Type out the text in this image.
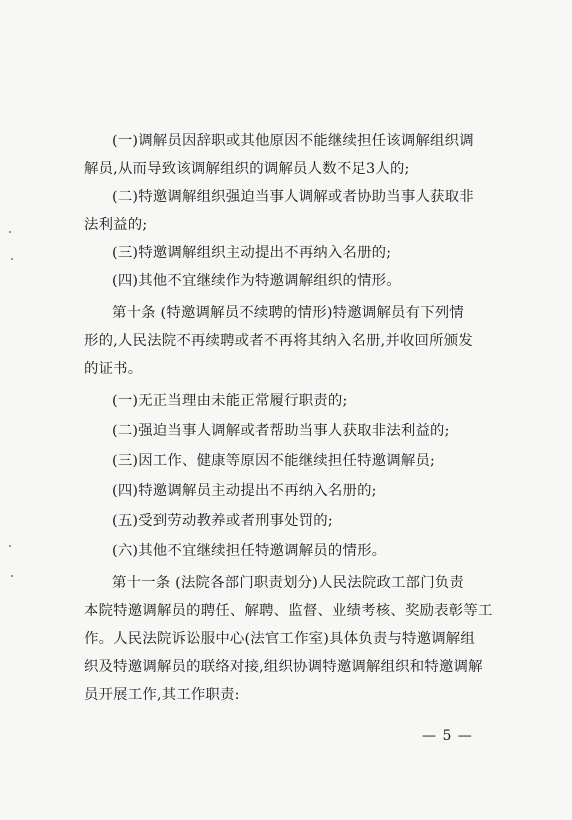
(一)调解员因辞职或其他原因不能继续担任该调解组织调
解员,从而导致该调解组织的调解员人数不足3人的;
(二)特邀调解组织强迫当事人调解或者协助当事人获取非
法利益的;
(三)特邀调解组织主动提出不再纳入名册的;
(四)其他不宜继续作为特邀调解组织的情形。
第十条 (特邀调解员不续聘的情形)特邀调解员有下列情
形的,人民法院不再续聘或者不再将其纳入名册,并收回所颁发
的证书。
(一)无正当理由未能正常履行职责的;
(二)强迫当事人调解或者帮助当事人获取非法利益的;
(三)因工作、健康等原因不能继续担任特邀调解员;
(四)特邀调解员主动提出不再纳入名册的;
(五)受到劳动教养或者刑事处罚的;
(六)其他不宜继续担任特邀调解员的情形。
第十一条 (法院各部门职责划分)人民法院政工部门负责
本院特邀调解员的聘任、解聘、监督、业绩考核、奖励表彰等工
作。人民法院诉讼服中心(法官工作室)具体负责与特邀调解组
织及特邀调解员的联络对接,组织协调特邀调解组织和特邀调解
员开展工作,其工作职责:
— 5 —
